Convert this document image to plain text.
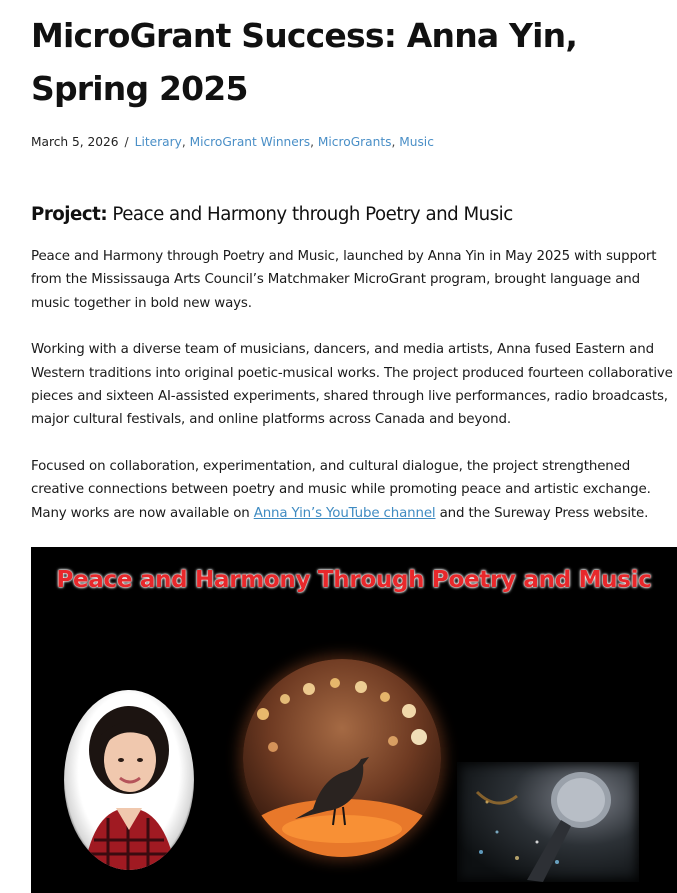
MicroGrant Success: Anna Yin, Spring 2025
March 5, 2026 / Literary, MicroGrant Winners, MicroGrants, Music
Project: Peace and Harmony through Poetry and Music

Peace and Harmony through Poetry and Music, launched by Anna Yin in May 2025 with support from the Mississauga Arts Council’s Matchmaker MicroGrant program, brought language and music together in bold new ways.

Working with a diverse team of musicians, dancers, and media artists, Anna fused Eastern and Western traditions into original poetic-musical works. The project produced fourteen collaborative pieces and sixteen AI-assisted experiments, shared through live performances, radio broadcasts, major cultural festivals, and online platforms across Canada and beyond.

Focused on collaboration, experimentation, and cultural dialogue, the project strengthened creative connections between poetry and music while promoting peace and artistic exchange. Many works are now available on Anna Yin’s YouTube channel and the Sureway Press website.

Peace and Harmony Through Poetry and Music
